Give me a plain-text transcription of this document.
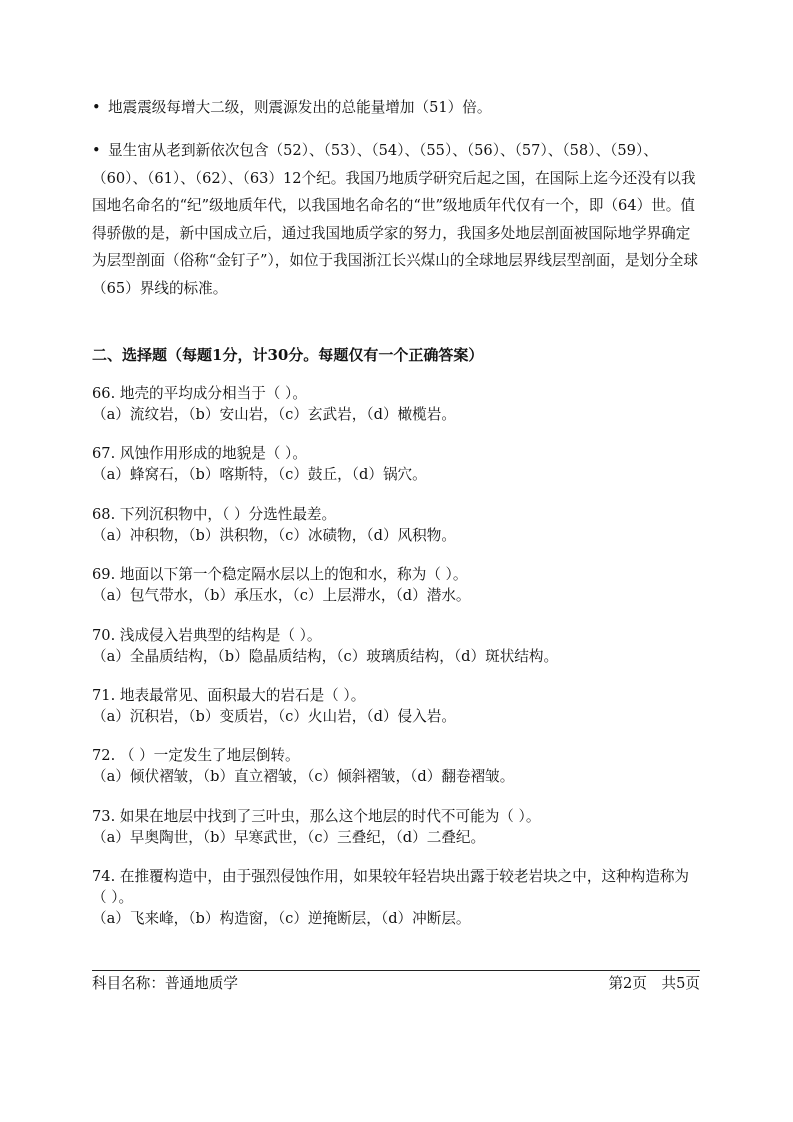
• 地震震级每增大二级，则震源发出的总能量增加（51）倍。
• 显生宙从老到新依次包含（52）、（53）、（54）、（55）、（56）、（57）、（58）、（59）、（60）、（61）、（62）、（63）12个纪。我国乃地质学研究后起之国，在国际上迄今还没有以我国地名命名的“纪”级地质年代，以我国地名命名的“世”级地质年代仅有一个，即（64）世。值得骄傲的是，新中国成立后，通过我国地质学家的努力，我国多处地层剖面被国际地学界确定为层型剖面（俗称“金钉子”），如位于我国浙江长兴煤山的全球地层界线层型剖面，是划分全球（65）界线的标准。
二、选择题（每题1分，计30分。每题仅有一个正确答案）
66. 地壳的平均成分相当于（ ）。
（a）流纹岩，（b）安山岩，（c）玄武岩，（d）橄榄岩。
67. 风蚀作用形成的地貌是（ ）。
（a）蜂窝石，（b）喀斯特，（c）鼓丘，（d）锅穴。
68. 下列沉积物中，（ ）分选性最差。
（a）冲积物，（b）洪积物，（c）冰碛物，（d）风积物。
69. 地面以下第一个稳定隔水层以上的饱和水，称为（ ）。
（a）包气带水，（b）承压水，（c）上层滞水，（d）潜水。
70. 浅成侵入岩典型的结构是（ ）。
（a）全晶质结构，（b）隐晶质结构，（c）玻璃质结构，（d）斑状结构。
71. 地表最常见、面积最大的岩石是（ ）。
（a）沉积岩，（b）变质岩，（c）火山岩，（d）侵入岩。
72. （ ）一定发生了地层倒转。
（a）倾伏褶皱，（b）直立褶皱，（c）倾斜褶皱，（d）翻卷褶皱。
73. 如果在地层中找到了三叶虫，那么这个地层的时代不可能为（ ）。
（a）早奥陶世，（b）早寒武世，（c）三叠纪，（d）二叠纪。
74. 在推覆构造中，由于强烈侵蚀作用，如果较年轻岩块出露于较老岩块之中，这种构造称为（ ）。
（a）飞来峰，（b）构造窗，（c）逆掩断层，（d）冲断层。
科目名称：普通地质学	第2页　共5页
